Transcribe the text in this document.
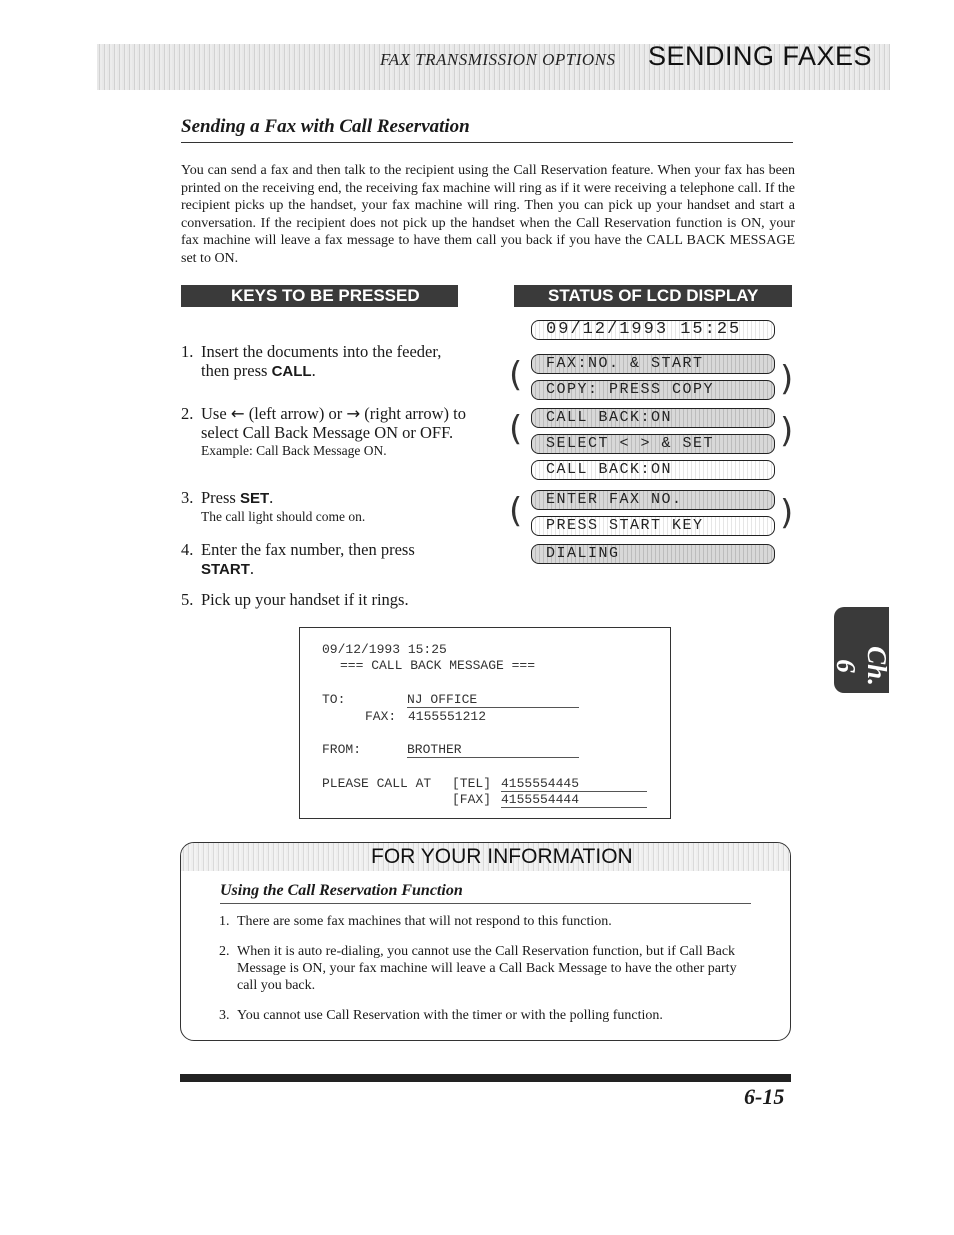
FAX TRANSMISSION OPTIONS SENDING FAXES
Sending a Fax with Call Reservation

You can send a fax and then talk to the recipient using the Call Reservation feature. When your fax has been printed on the receiving end, the receiving fax machine will ring as if it were receiving a telephone call. If the recipient picks up the handset, your fax machine will ring. Then you can pick up your handset and start a conversation. If the recipient does not pick up the handset when the Call Reservation function is ON, your fax machine will leave a fax message to have them call you back if you have the CALL BACK MESSAGE set to ON.

KEYS TO BE PRESSED	STATUS OF LCD DISPLAY
1. Insert the documents into the feeder, then press CALL.
2. Use ← (left arrow) or → (right arrow) to select Call Back Message ON or OFF.
Example: Call Back Message ON.
3. Press SET.
The call light should come on.
4. Enter the fax number, then press START.
5. Pick up your handset if it rings.
09/12/1993 15:25
FAX:NO. & START
COPY: PRESS COPY
CALL BACK:ON
SELECT < > & SET
CALL BACK:ON
ENTER FAX NO.
PRESS START KEY
DIALING
(	)
(	)
(	)
09/12/1993 15:25
=== CALL BACK MESSAGE ===
TO:	NJ OFFICE
FAX: 4155551212
FROM:	BROTHER
PLEASE CALL AT [TEL] 4155554445
[FAX] 4155554444
FOR YOUR INFORMATION
Using the Call Reservation Function
1. There are some fax machines that will not respond to this function.
2. When it is auto re-dialing, you cannot use the Call Reservation function, but if Call Back Message is ON, your fax machine will leave a Call Back Message to have the other party call you back.
3. You cannot use Call Reservation with the timer or with the polling function.
Ch. 6
6-15
